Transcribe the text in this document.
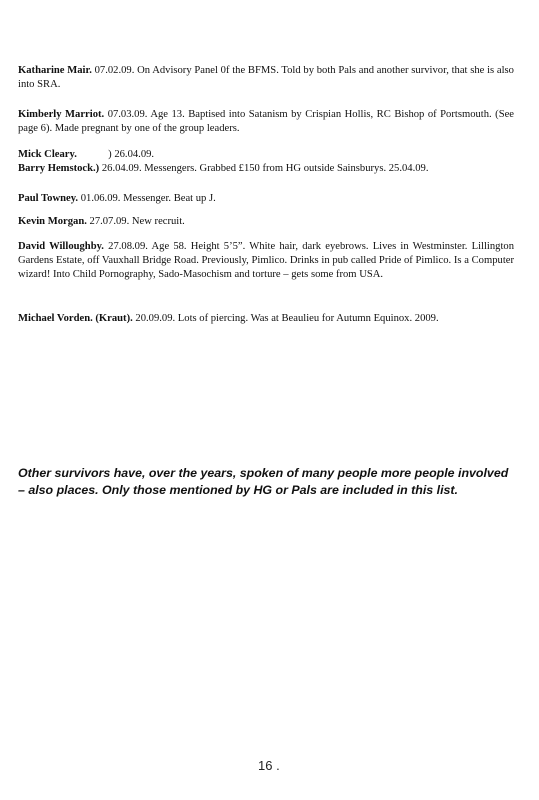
Katharine Mair. 07.02.09. On Advisory Panel 0f the BFMS. Told by both Pals and another survivor, that she is also into SRA.
Kimberly Marriot. 07.03.09. Age 13. Baptised into Satanism by Crispian Hollis, RC Bishop of Portsmouth. (See page 6). Made pregnant by one of the group leaders.
Mick Cleary.	) 26.04.09.
Barry Hemstock.) 26.04.09. Messengers. Grabbed £150 from HG outside Sainsburys. 25.04.09.
Paul Towney. 01.06.09. Messenger. Beat up J.
Kevin Morgan. 27.07.09. New recruit.
David Willoughby. 27.08.09. Age 58. Height 5’5”. White hair, dark eyebrows. Lives in Westminster. Lillington Gardens Estate, off Vauxhall Bridge Road. Previously, Pimlico. Drinks in pub called Pride of Pimlico. Is a Computer wizard! Into Child Pornography, Sado-Masochism and torture – gets some from USA.
Michael Vorden. (Kraut). 20.09.09. Lots of piercing. Was at Beaulieu for Autumn Equinox. 2009.
Other survivors have, over the years, spoken of many people more people involved – also places. Only those mentioned by HG or Pals are included in this list.
16 .
